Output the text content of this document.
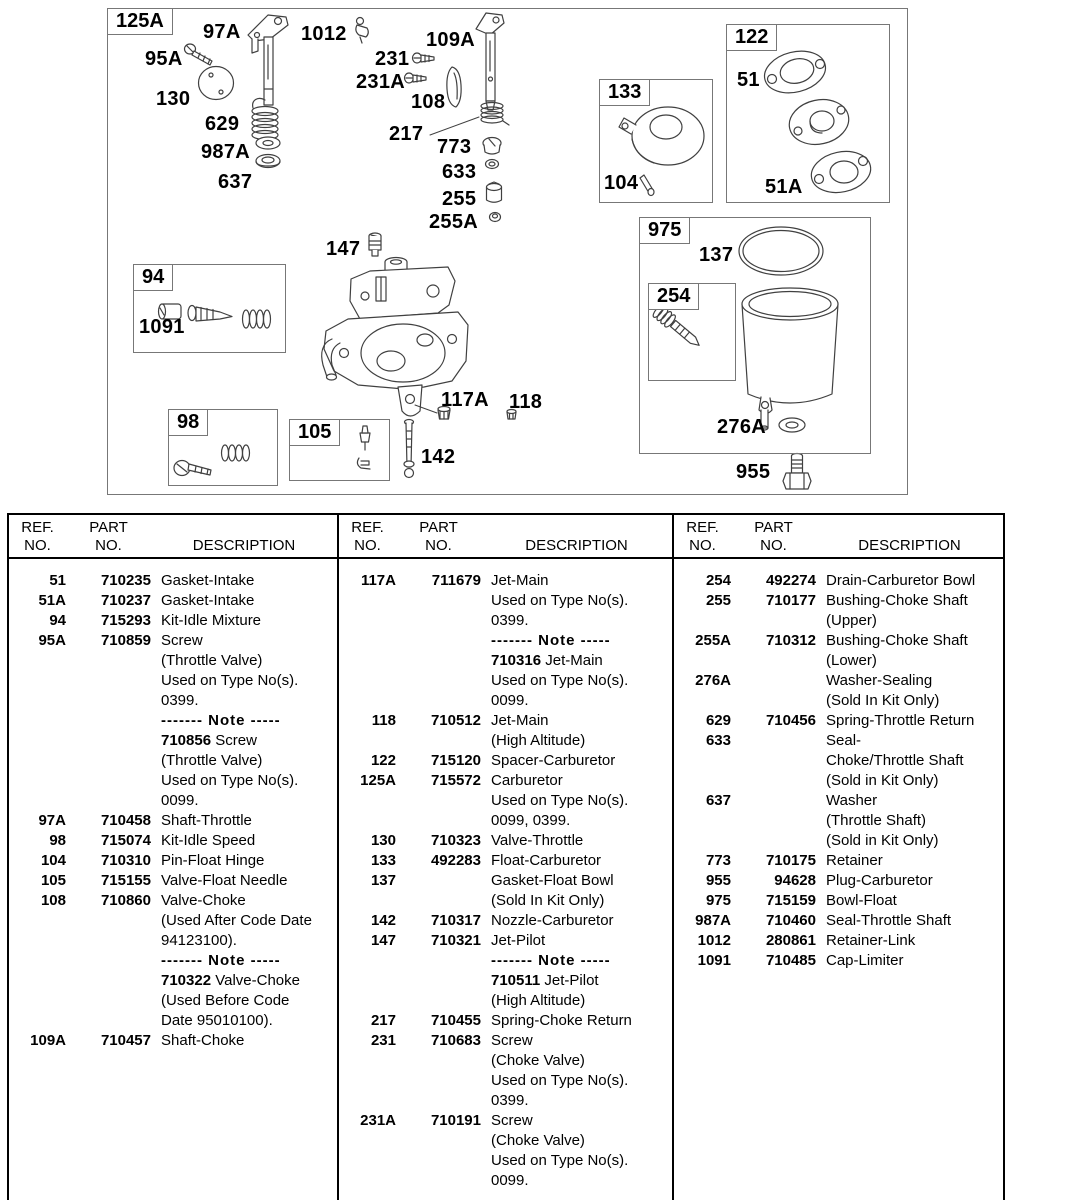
125A
122
133
975
254
94
98	105
97A	1012	109A
95A	231
231A
130	108
629	217
987A	773
637	633
255
255A
147
1091
117A 118
142
51
51A
104
137
276A
955
REF.
NO.
PART
NO.	DESCRIPTION
51	710235 Gasket-Intake
51A	710237 Gasket-Intake
94	715293 Kit-Idle Mixture
95A	710859 Screw
(Throttle Valve)
Used on Type No(s).
0399.
------- Note -----
710856 Screw
(Throttle Valve)
Used on Type No(s).
0099.
97A	710458 Shaft-Throttle
98	715074 Kit-Idle Speed
104	710310 Pin-Float Hinge
105	715155 Valve-Float Needle
108	710860 Valve-Choke
(Used After Code Date
94123100).
------- Note -----
710322 Valve-Choke
(Used Before Code
Date 95010100).
109A	710457 Shaft-Choke
REF.
NO.
PART
NO.	DESCRIPTION
117A	711679 Jet-Main
Used on Type No(s).
0399.
------- Note -----
710316 Jet-Main
Used on Type No(s).
0099.
118	710512 Jet-Main
(High Altitude)
122	715120 Spacer-Carburetor
125A	715572 Carburetor
Used on Type No(s).
0099, 0399.
130	710323 Valve-Throttle
133	492283 Float-Carburetor
137	Gasket-Float Bowl
(Sold In Kit Only)
142	710317 Nozzle-Carburetor
147	710321 Jet-Pilot
------- Note -----
710511 Jet-Pilot
(High Altitude)
217	710455 Spring-Choke Return
231	710683 Screw
(Choke Valve)
Used on Type No(s).
0399.
231A	710191 Screw
(Choke Valve)
Used on Type No(s).
0099.
REF.
NO.
PART
NO.	DESCRIPTION
254	492274 Drain-Carburetor Bowl
255	710177 Bushing-Choke Shaft
(Upper)
255A	710312 Bushing-Choke Shaft
(Lower)
276A	Washer-Sealing
(Sold In Kit Only)
629	710456 Spring-Throttle Return
633	Seal-
Choke/Throttle Shaft
(Sold in Kit Only)
637	Washer
(Throttle Shaft)
(Sold in Kit Only)
773	710175 Retainer
955	94628 Plug-Carburetor
975	715159 Bowl-Float
987A	710460 Seal-Throttle Shaft
1012	280861 Retainer-Link
1091	710485 Cap-Limiter
